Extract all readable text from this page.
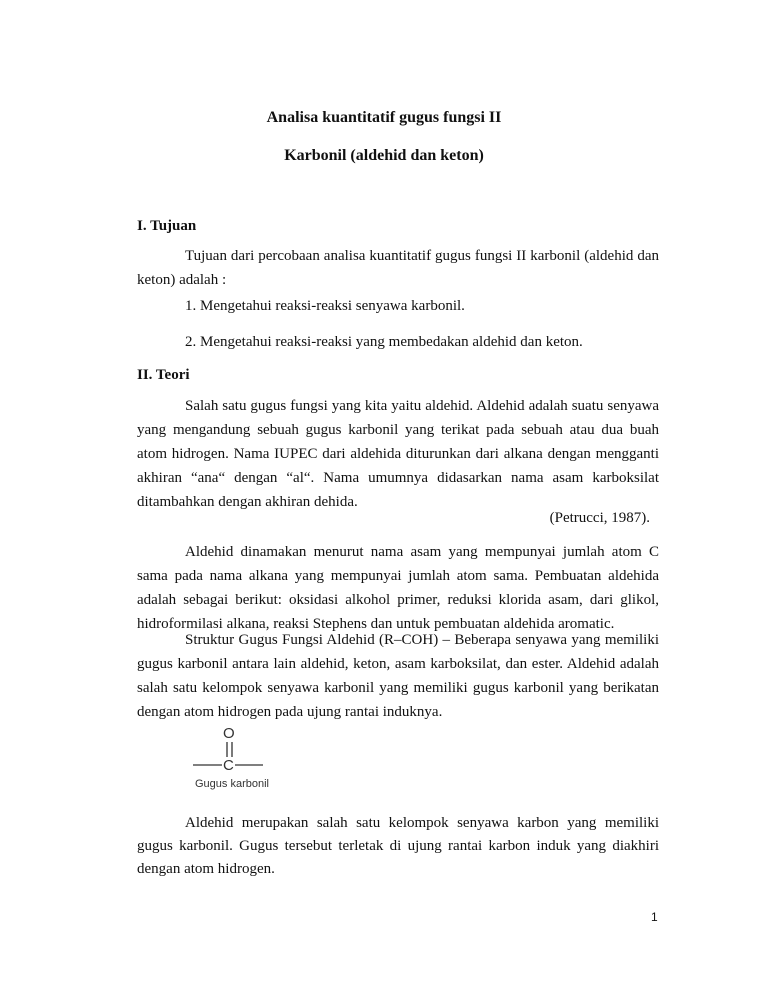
Analisa kuantitatif gugus fungsi II
Karbonil (aldehid dan keton)
I. Tujuan

Tujuan dari percobaan analisa kuantitatif gugus fungsi II karbonil (aldehid dan keton) adalah :

1. Mengetahui reaksi-reaksi senyawa karbonil.
2. Mengetahui reaksi-reaksi yang membedakan aldehid dan keton.
II. Teori

Salah satu gugus fungsi yang kita yaitu aldehid. Aldehid adalah suatu senyawa yang mengandung sebuah gugus karbonil yang terikat pada sebuah atau dua buah atom hidrogen. Nama IUPEC dari aldehida diturunkan dari alkana dengan mengganti akhiran “ana“ dengan “al“. Nama umumnya didasarkan nama asam karboksilat ditambahkan dengan akhiran dehida.

(Petrucci, 1987).

Aldehid dinamakan menurut nama asam yang mempunyai jumlah atom C sama pada nama alkana yang mempunyai jumlah atom sama. Pembuatan aldehida adalah sebagai berikut: oksidasi alkohol primer, reduksi klorida asam, dari glikol, hidroformilasi alkana, reaksi Stephens dan untuk pembuatan aldehida aromatic.

Struktur Gugus Fungsi Aldehid (R–COH) – Beberapa senyawa yang memiliki gugus karbonil antara lain aldehid, keton, asam karboksilat, dan ester. Aldehid adalah salah satu kelompok senyawa karbonil yang memiliki gugus karbonil yang berikatan dengan atom hidrogen pada ujung rantai induknya.

O
C
Gugus karbonil

Aldehid merupakan salah satu kelompok senyawa karbon yang memiliki gugus karbonil. Gugus tersebut terletak di ujung rantai karbon induk yang diakhiri dengan atom hidrogen.

1
